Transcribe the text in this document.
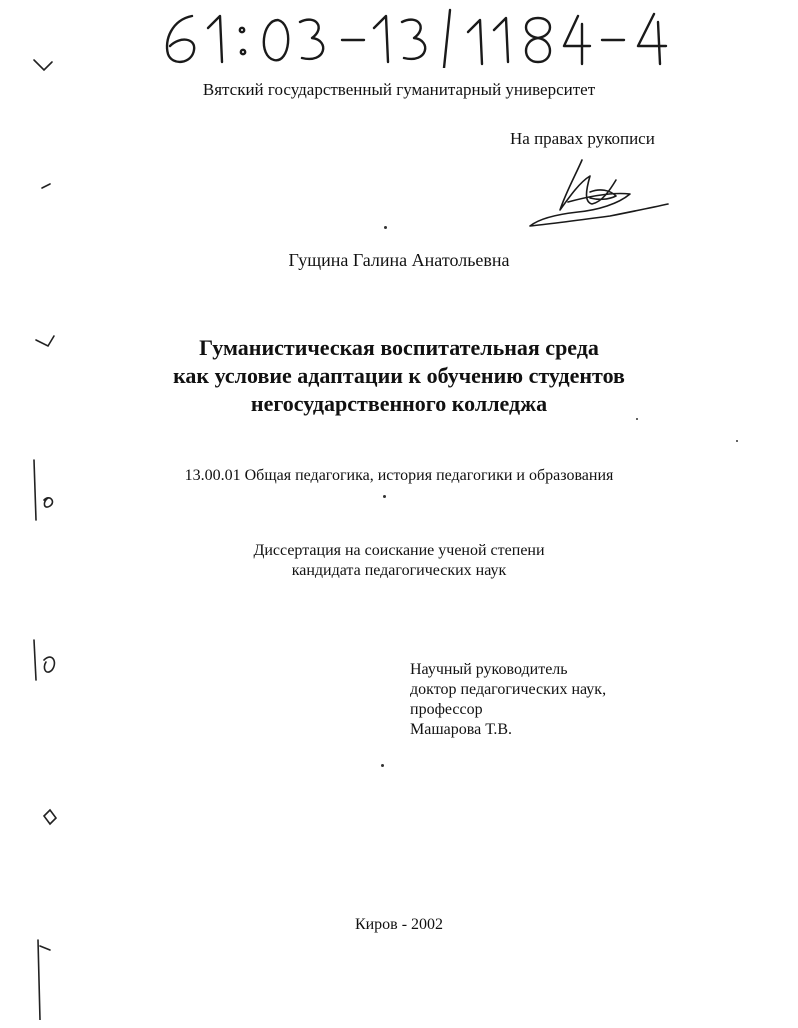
Вятский государственный гуманитарный университет
На правах рукописи
Гущина Галина Анатольевна
Гуманистическая воспитательная среда
как условие адаптации к обучению студентов
негосударственного колледжа
13.00.01 Общая педагогика, история педагогики и образования
Диссертация на соискание ученой степени
кандидата педагогических наук
Научный руководитель
доктор педагогических наук,
профессор
Машарова Т.В.
Киров - 2002
